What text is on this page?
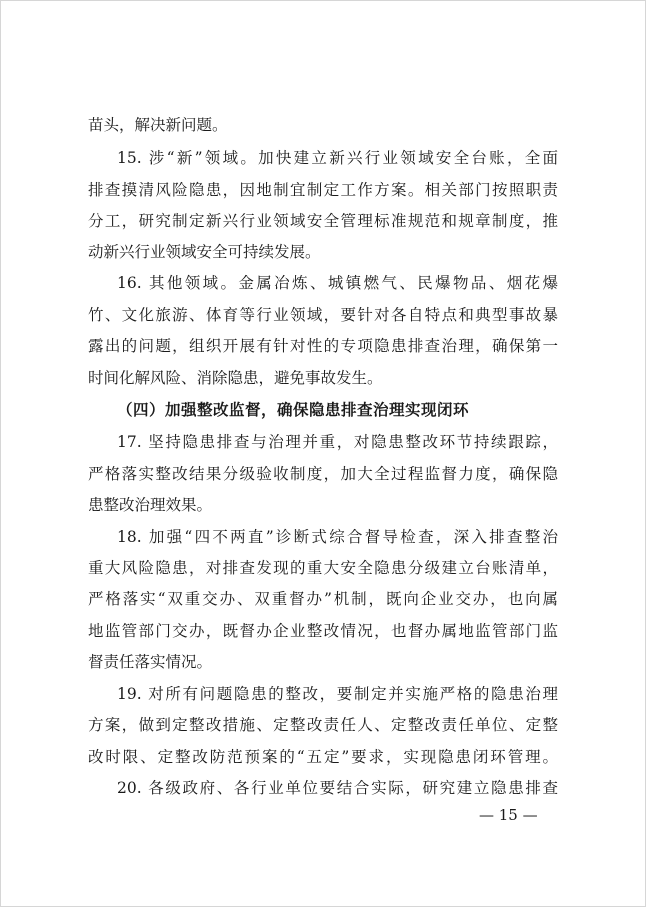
苗头，解决新问题。

15. 涉“新”领域。加快建立新兴行业领域安全台账，全面

排查摸清风险隐患，因地制宜制定工作方案。相关部门按照职责

分工，研究制定新兴行业领域安全管理标准规范和规章制度，推

动新兴行业领域安全可持续发展。

16. 其他领域。金属冶炼、城镇燃气、民爆物品、烟花爆

竹、文化旅游、体育等行业领域，要针对各自特点和典型事故暴

露出的问题，组织开展有针对性的专项隐患排查治理，确保第一

时间化解风险、消除隐患，避免事故发生。

（四）加强整改监督，确保隐患排查治理实现闭环

17. 坚持隐患排查与治理并重，对隐患整改环节持续跟踪，

严格落实整改结果分级验收制度，加大全过程监督力度，确保隐

患整改治理效果。

18. 加强“四不两直”诊断式综合督导检查，深入排查整治

重大风险隐患，对排查发现的重大安全隐患分级建立台账清单，

严格落实“双重交办、双重督办”机制，既向企业交办，也向属

地监管部门交办，既督办企业整改情况，也督办属地监管部门监

督责任落实情况。

19. 对所有问题隐患的整改，要制定并实施严格的隐患治理

方案，做到定整改措施、定整改责任人、定整改责任单位、定整

改时限、定整改防范预案的“五定”要求，实现隐患闭环管理。

20. 各级政府、各行业单位要结合实际，研究建立隐患排查

— 15 —
